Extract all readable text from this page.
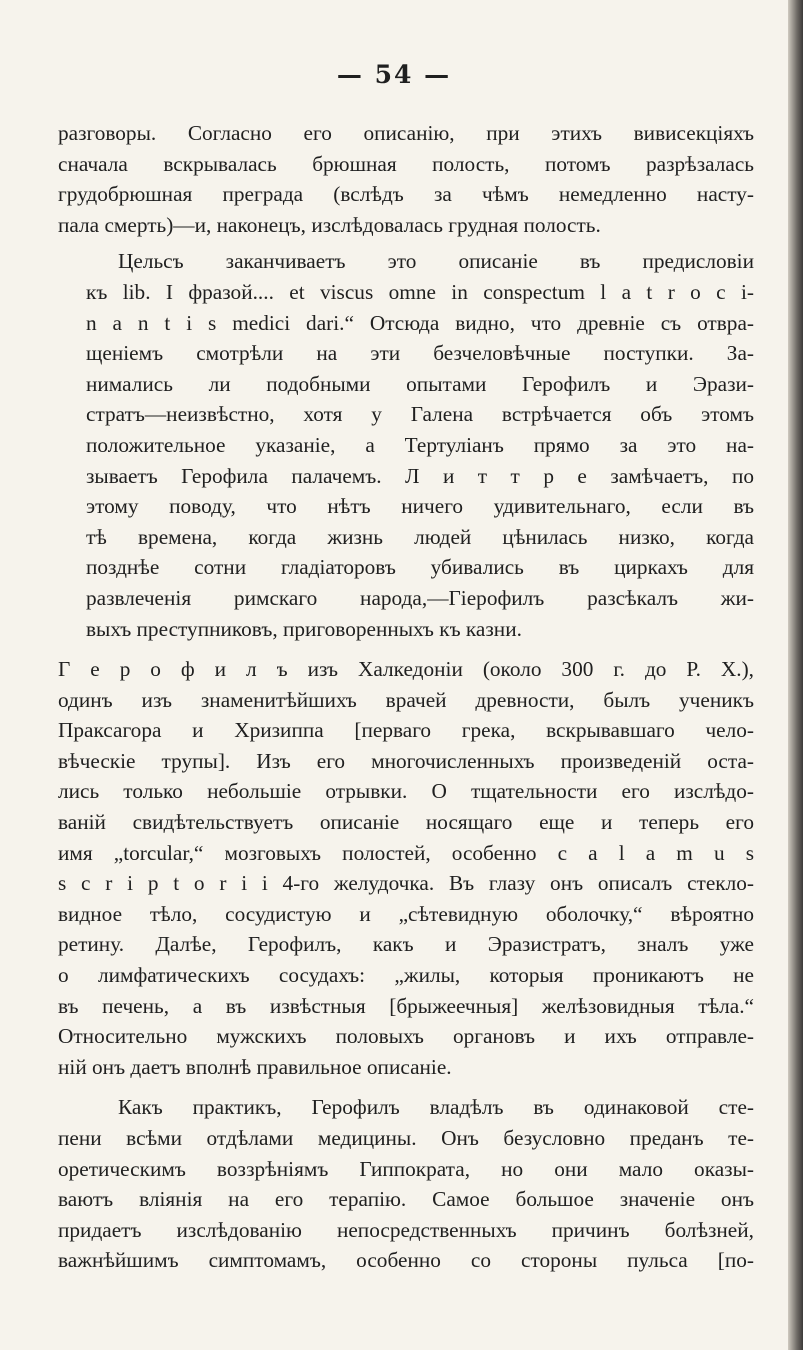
— 54 —
разговоры. Согласно его описанію, при этихъ вивисекціяхъ
сначала вскрывалась брюшная полость, потомъ разрѣзалась
грудобрюшная преграда (вслѣдъ за чѣмъ немедленно насту-
пала смерть)—и, наконецъ, изслѣдовалась грудная полость.
Цельсъ заканчиваетъ это описаніе въ предисловіи
къ lib. I фразой.... et viscus omne in conspectum l a t r o c i-
n a n t i s medici dari.“ Отсюда видно, что древніе съ отвра-
щеніемъ смотрѣли на эти безчеловѣчные поступки. За-
нимались ли подобными опытами Герофилъ и Эрази-
стратъ—неизвѣстно, хотя у Галена встрѣчается объ этомъ
положительное указаніе, а Тертуліанъ прямо за это на-
зываетъ Герофила палачемъ. Л и т т р е замѣчаетъ, по
этому поводу, что нѣтъ ничего удивительнаго, если въ
тѣ времена, когда жизнь людей цѣнилась низко, когда
позднѣе сотни гладіаторовъ убивались въ циркахъ для
развлеченія римскаго народа,—Гіерофилъ разсѣкалъ жи-
выхъ преступниковъ, приговоренныхъ къ казни.
Г е р о ф и л ъ изъ Халкедоніи (около 300 г. до Р. Х.),
одинъ изъ знаменитѣйшихъ врачей древности, былъ ученикъ
Праксагора и Хризиппа [перваго грека, вскрывавшаго чело-
вѣческіе трупы]. Изъ его многочисленныхъ произведеній оста-
лись только небольшіе отрывки. О тщательности его изслѣдо-
ваній свидѣтельствуетъ описаніе носящаго еще и теперь его
имя „torcular,“ мозговыхъ полостей, особенно c a l a m u s
s c r i p t o r i i 4-го желудочка. Въ глазу онъ описалъ стекло-
видное тѣло, сосудистую и „сѣтевидную оболочку,“ вѣроятно
ретину. Далѣе, Герофилъ, какъ и Эразистратъ, зналъ уже
о лимфатическихъ сосудахъ: „жилы, которыя проникаютъ не
въ печень, а въ извѣстныя [брыжеечныя] желѣзовидныя тѣла.“
Относительно мужскихъ половыхъ органовъ и ихъ отправле-
ній онъ даетъ вполнѣ правильное описаніе.
Какъ практикъ, Герофилъ владѣлъ въ одинаковой сте-
пени всѣми отдѣлами медицины. Онъ безусловно преданъ те-
оретическимъ воззрѣніямъ Гиппократа, но они мало оказы-
ваютъ вліянія на его терапію. Самое большое значеніе онъ
придаетъ изслѣдованію непосредственныхъ причинъ болѣзней,
важнѣйшимъ симптомамъ, особенно со стороны пульса [по-
